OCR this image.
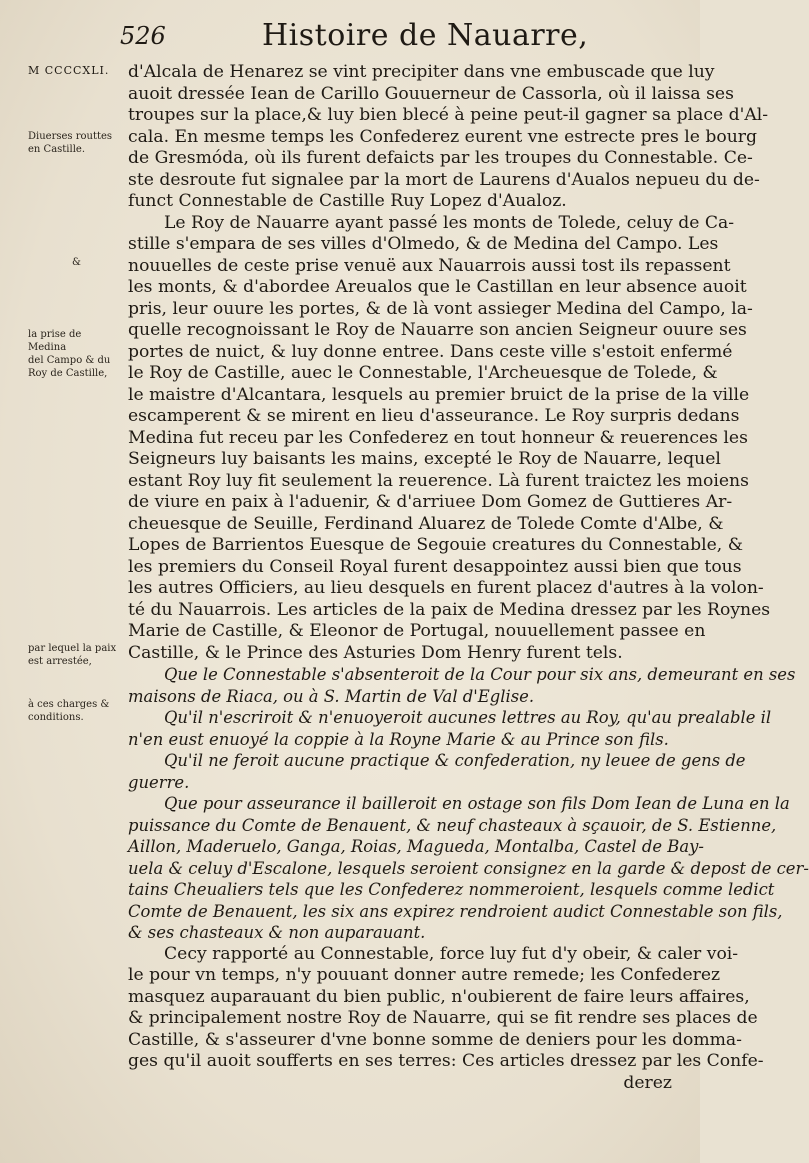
526	Histoire de Nauarre,
M CCCCXLI.
Diuerses routtes
en Castille.
&
la prise de Medina
del Campo & du
Roy de Castille,
par lequel la paix
est arrestée,
à ces charges &
conditions.
d'Alcala de Henarez se vint precipiter dans vne embuscade que luy
auoit dressée Iean de Carillo Gouuerneur de Cassorla, où il laissa ses
troupes sur la place,& luy bien blecé à peine peut-il gagner sa place d'Al-
cala. En mesme temps les Confederez eurent vne estrecte pres le bourg
de Gresmóda, où ils furent defaicts par les troupes du Connestable. Ce-
ste desroute fut signalee par la mort de Laurens d'Aualos nepueu du de-
funct Connestable de Castille Ruy Lopez d'Aualoz.
Le Roy de Nauarre ayant passé les monts de Tolede, celuy de Ca-
stille s'empara de ses villes d'Olmedo, & de Medina del Campo. Les
nouuelles de ceste prise venuë aux Nauarrois aussi tost ils repassent
les monts, & d'abordee Areualos que le Castillan en leur absence auoit
pris, leur ouure les portes, & de là vont assieger Medina del Campo, la-
quelle recognoissant le Roy de Nauarre son ancien Seigneur ouure ses
portes de nuict, & luy donne entree. Dans ceste ville s'estoit enfermé
le Roy de Castille, auec le Connestable, l'Archeuesque de Tolede, &
le maistre d'Alcantara, lesquels au premier bruict de la prise de la ville
escamperent & se mirent en lieu d'asseurance. Le Roy surpris dedans
Medina fut receu par les Confederez en tout honneur & reuerences les
Seigneurs luy baisants les mains, excepté le Roy de Nauarre, lequel
estant Roy luy fit seulement la reuerence. Là furent traictez les moiens
de viure en paix à l'aduenir, & d'arriuee Dom Gomez de Guttieres Ar-
cheuesque de Seuille, Ferdinand Aluarez de Tolede Comte d'Albe, &
Lopes de Barrientos Euesque de Segouie creatures du Connestable, &
les premiers du Conseil Royal furent desappointez aussi bien que tous
les autres Officiers, au lieu desquels en furent placez d'autres à la volon-
té du Nauarrois. Les articles de la paix de Medina dressez par les Roynes
Marie de Castille, & Eleonor de Portugal, nouuellement passee en
Castille, & le Prince des Asturies Dom Henry furent tels.
Que le Connestable s'absenteroit de la Cour pour six ans, demeurant en ses
maisons de Riaca, ou à S. Martin de Val d'Eglise.
Qu'il n'escriroit & n'enuoyeroit aucunes lettres au Roy, qu'au prealable il
n'en eust enuoyé la coppie à la Royne Marie & au Prince son fils.
Qu'il ne feroit aucune practique & confederation, ny leuee de gens de
guerre.
Que pour asseurance il bailleroit en ostage son fils Dom Iean de Luna en la
puissance du Comte de Benauent, & neuf chasteaux à sçauoir, de S. Estienne,
Aillon, Maderuelo, Ganga, Roias, Magueda, Montalba, Castel de Bay-
uela & celuy d'Escalone, lesquels seroient consignez en la garde & depost de cer-
tains Cheualiers tels que les Confederez nommeroient, lesquels comme ledict
Comte de Benauent, les six ans expirez rendroient audict Connestable son fils,
& ses chasteaux & non auparauant.
Cecy rapporté au Connestable, force luy fut d'y obeir, & caler voi-
le pour vn temps, n'y pouuant donner autre remede; les Confederez
masquez auparauant du bien public, n'oubierent de faire leurs affaires,
& principalement nostre Roy de Nauarre, qui se fit rendre ses places de
Castille, & s'asseurer d'vne bonne somme de deniers pour les domma-
ges qu'il auoit soufferts en ses terres: Ces articles dressez par les Confe-
derez
